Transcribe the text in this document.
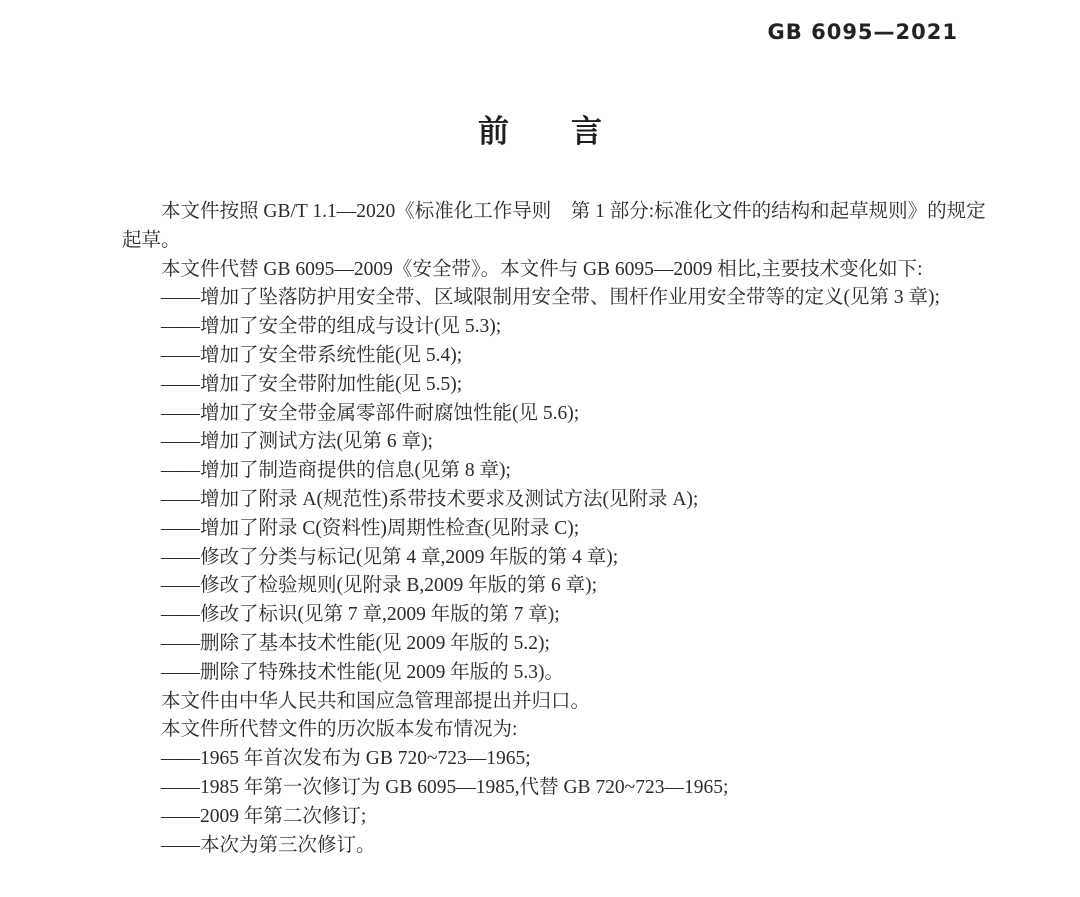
GB 6095—2021
前　　言
本文件按照 GB/T 1.1—2020《标准化工作导则　第 1 部分:标准化文件的结构和起草规则》的规定
起草。
本文件代替 GB 6095—2009《安全带》。本文件与 GB 6095—2009 相比,主要技术变化如下:
——增加了坠落防护用安全带、区域限制用安全带、围杆作业用安全带等的定义(见第 3 章);
——增加了安全带的组成与设计(见 5.3);
——增加了安全带系统性能(见 5.4);
——增加了安全带附加性能(见 5.5);
——增加了安全带金属零部件耐腐蚀性能(见 5.6);
——增加了测试方法(见第 6 章);
——增加了制造商提供的信息(见第 8 章);
——增加了附录 A(规范性)系带技术要求及测试方法(见附录 A);
——增加了附录 C(资料性)周期性检查(见附录 C);
——修改了分类与标记(见第 4 章,2009 年版的第 4 章);
——修改了检验规则(见附录 B,2009 年版的第 6 章);
——修改了标识(见第 7 章,2009 年版的第 7 章);
——删除了基本技术性能(见 2009 年版的 5.2);
——删除了特殊技术性能(见 2009 年版的 5.3)。
本文件由中华人民共和国应急管理部提出并归口。
本文件所代替文件的历次版本发布情况为:
——1965 年首次发布为 GB 720~723—1965;
——1985 年第一次修订为 GB 6095—1985,代替 GB 720~723—1965;
——2009 年第二次修订;
——本次为第三次修订。
